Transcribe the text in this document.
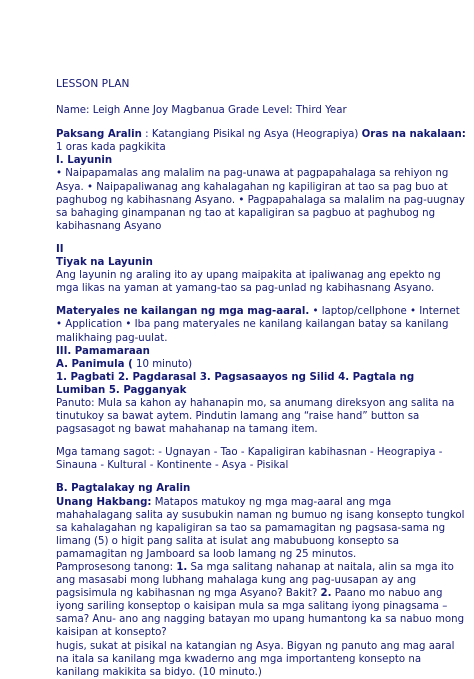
LESSON PLAN

Name: Leigh Anne Joy Magbanua Grade Level: Third Year

Paksang Aralin : Katangiang Pisikal ng Asya (Heograpiya) Oras na nakalaan: 1 oras kada pagkikita

I. Layunin

• Naipapamalas ang malalim na pag-unawa at pagpapahalaga sa rehiyon ng Asya. • Naipapaliwanag ang kahalagahan ng kapiligiran at tao sa pag buo at paghubog ng kabihasnang Asyano. • Pagpapahalaga sa malalim na pag-uugnay sa bahaging ginampanan ng tao at kapaligiran sa pagbuo at paghubog ng kabihasnang Asyano

II

Tiyak na Layunin

Ang layunin ng araling ito ay upang maipakita at ipaliwanag ang epekto ng mga likas na yaman at yamang-tao sa pag-unlad ng kabihasnang Asyano.

Materyales ne kailangan ng mga mag-aaral. • laptop/cellphone • Internet • Application • Iba pang materyales ne kanilang kailangan batay sa kanilang malikhaing pag-uulat.

III. Pamamaraan

A. Panimula ( 10 minuto)

1. Pagbati 2. Pagdarasal 3. Pagsasaayos ng Silid 4. Pagtala ng Lumiban 5. Pagganyak

Panuto: Mula sa kahon ay hahanapin mo, sa anumang direksyon ang salita na tinutukoy sa bawat aytem. Pindutin lamang ang “raise hand” button sa pagsasagot ng bawat mahahanap na tamang item.

Mga tamang sagot: - Ugnayan - Tao - Kapaligiran kabihasnan - Heograpiya - Sinauna - Kultural - Kontinente - Asya - Pisikal

B. Pagtalakay ng Aralin

Unang Hakbang: Matapos matukoy ng mga mag-aaral ang mga mahahalagang salita ay susubukin naman ng bumuo ng isang konsepto tungkol sa kahalagahan ng kapaligiran sa tao sa pamamagitan ng pagsasa-sama ng limang (5) o higit pang salita at isulat ang mabubuong konsepto sa pamamagitan ng Jamboard sa loob lamang ng 25 minutos.

Pamprosesong tanong: 1. Sa mga salitang nahanap at naitala, alin sa mga ito ang masasabi mong lubhang mahalaga kung ang pag-uusapan ay ang pagsisimula ng kabihasnan ng mga Asyano? Bakit? 2. Paano mo nabuo ang iyong sariling konseptop o kaisipan mula sa mga salitang iyong pinagsama – sama? Anu- ano ang nagging batayan mo upang humantong ka sa nabuo mong kaisipan at konsepto?

hugis, sukat at pisikal na katangian ng Asya. Bigyan ng panuto ang mag aaral na itala sa kanilang mga kwaderno ang mga importanteng konsepto na kanilang makikita sa bidyo. (10 minuto.)
